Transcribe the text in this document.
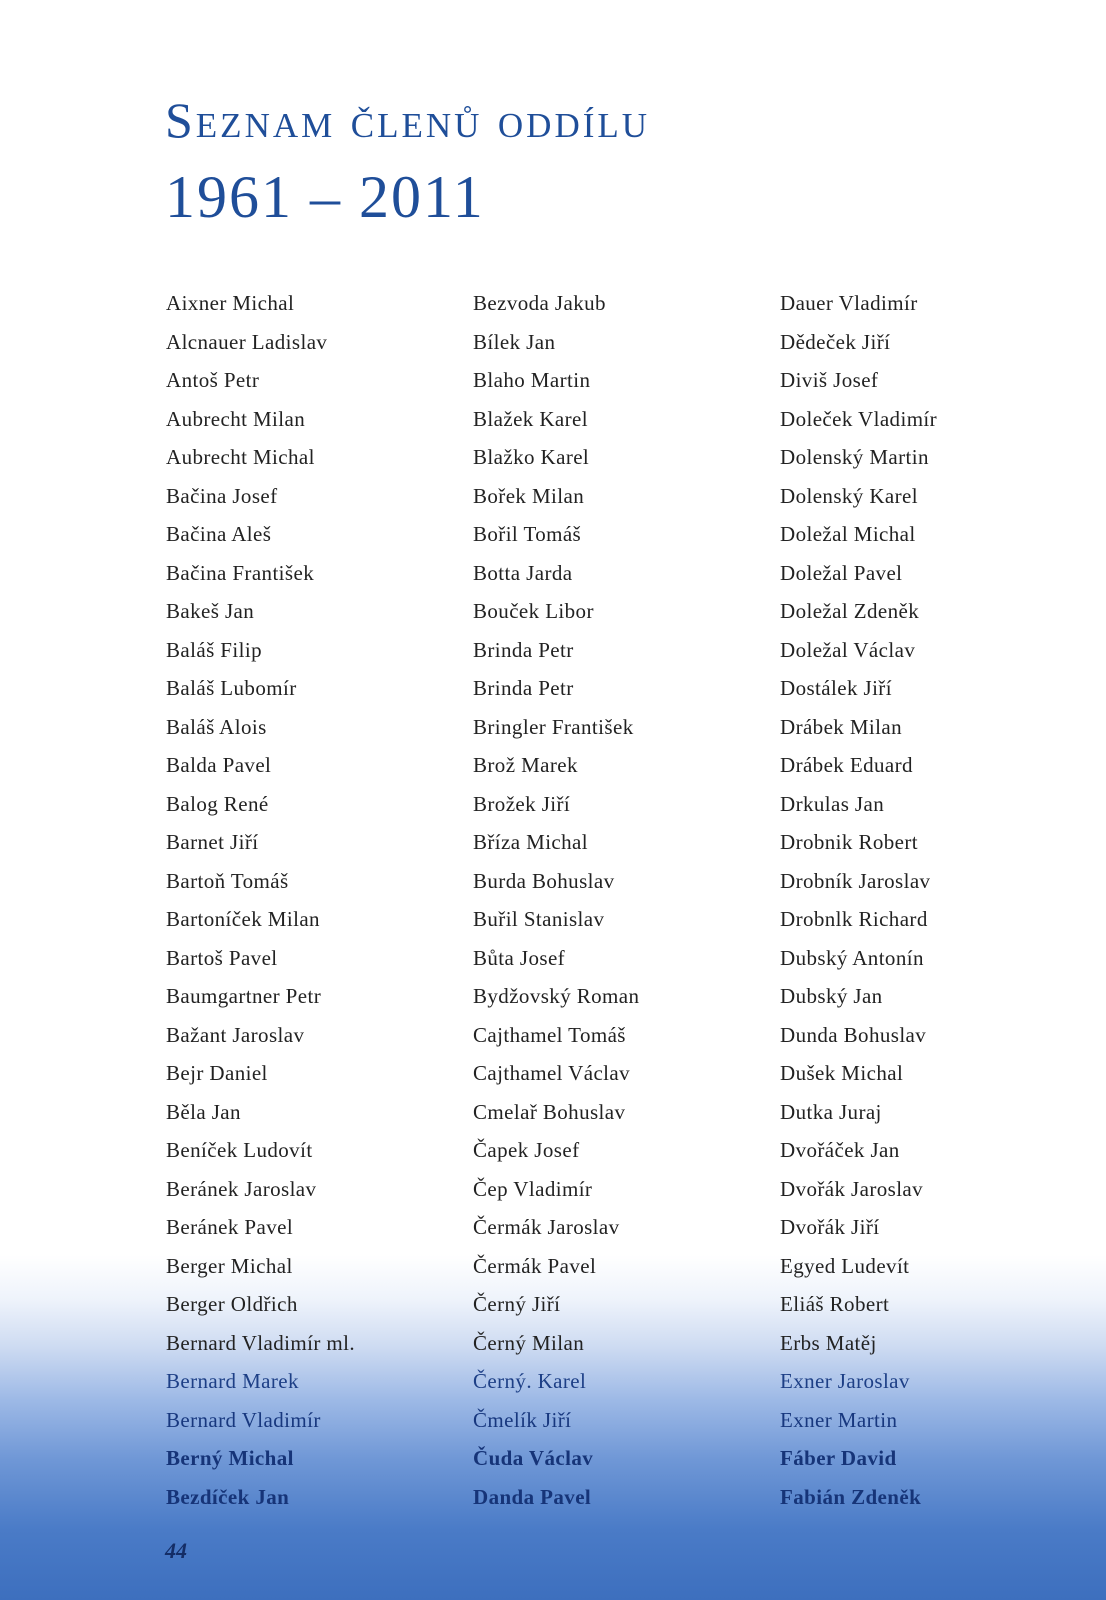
Seznam členů oddílu
1961 – 2011
Aixner Michal
Alcnauer Ladislav
Antoš Petr
Aubrecht Milan
Aubrecht Michal
Bačina Josef
Bačina Aleš
Bačina František
Bakeš Jan
Baláš Filip
Baláš Lubomír
Baláš Alois
Balda Pavel
Balog René
Barnet Jiří
Bartoň Tomáš
Bartoníček Milan
Bartoš Pavel
Baumgartner Petr
Bažant Jaroslav
Bejr Daniel
Běla Jan
Beníček Ludovít
Beránek Jaroslav
Beránek Pavel
Berger Michal
Berger Oldřich
Bernard Vladimír ml.
Bernard Marek
Bernard Vladimír
Berný Michal
Bezdíček Jan
Bezvoda Jakub
Bílek Jan
Blaho Martin
Blažek Karel
Blažko Karel
Bořek Milan
Bořil Tomáš
Botta Jarda
Bouček Libor
Brinda Petr
Brinda Petr
Bringler František
Brož Marek
Brožek Jiří
Bříza Michal
Burda Bohuslav
Buřil Stanislav
Bůta Josef
Bydžovský Roman
Cajthamel Tomáš
Cajthamel Václav
Cmelař Bohuslav
Čapek Josef
Čep Vladimír
Čermák Jaroslav
Čermák Pavel
Černý Jiří
Černý Milan
Černý. Karel
Čmelík Jiří
Čuda Václav
Danda Pavel
Dauer Vladimír
Dědeček Jiří
Diviš Josef
Doleček Vladimír
Dolenský Martin
Dolenský Karel
Doležal Michal
Doležal Pavel
Doležal Zdeněk
Doležal Václav
Dostálek Jiří
Drábek Milan
Drábek Eduard
Drkulas Jan
Drobnik Robert
Drobník Jaroslav
Drobnlk Richard
Dubský Antonín
Dubský Jan
Dunda Bohuslav
Dušek Michal
Dutka Juraj
Dvořáček Jan
Dvořák Jaroslav
Dvořák Jiří
Egyed Ludevít
Eliáš Robert
Erbs Matěj
Exner Jaroslav
Exner Martin
Fáber David
Fabián Zdeněk
44
